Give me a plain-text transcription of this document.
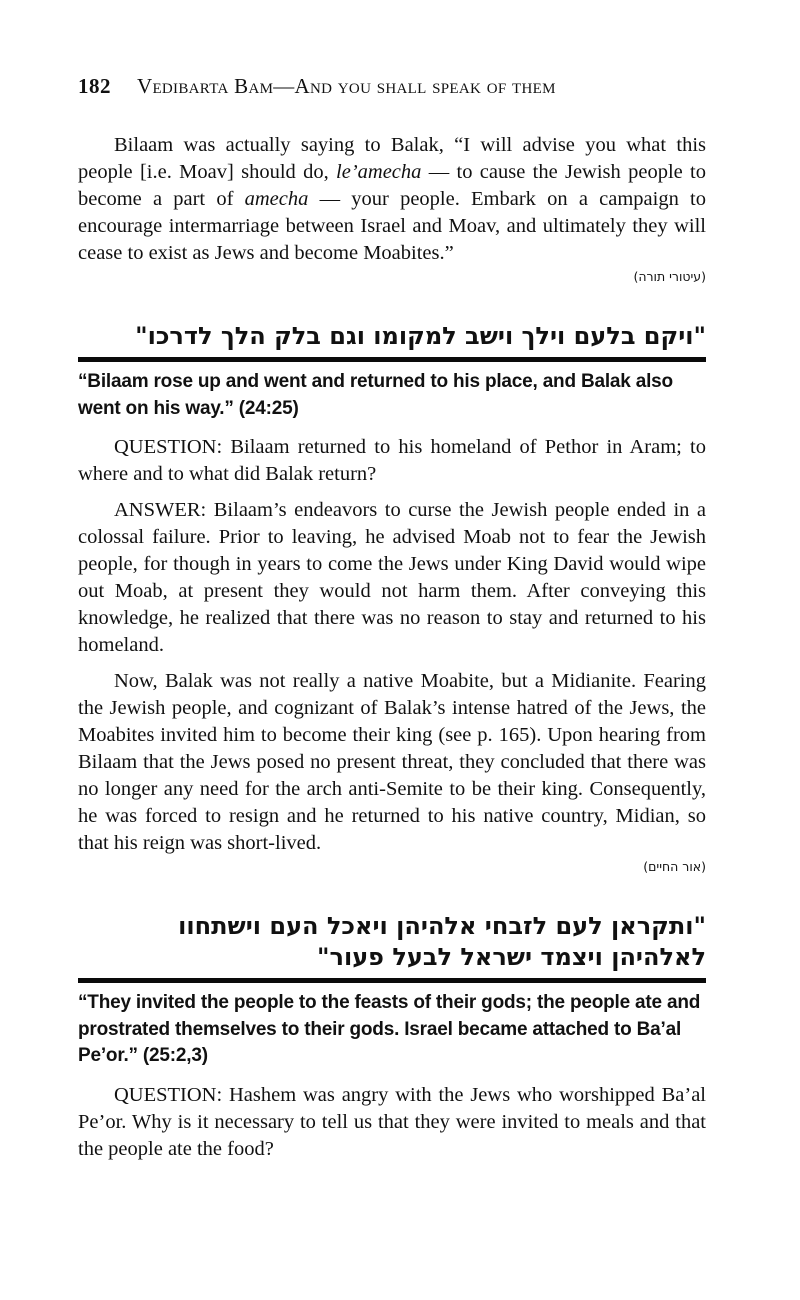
182 Vedibarta Bam—And you shall speak of them

Bilaam was actually saying to Balak, “I will advise you what this people [i.e. Moav] should do, le’amecha — to cause the Jewish people to become a part of amecha — your people. Embark on a campaign to encourage intermarriage between Israel and Moav, and ultimately they will cease to exist as Jews and become Moabites.”

(עיטורי תורה)

"ויקם בלעם וילך וישב למקומו וגם בלק הלך לדרכו"

“Bilaam rose up and went and returned to his place, and Balak also went on his way.” (24:25)

QUESTION: Bilaam returned to his homeland of Pethor in Aram; to where and to what did Balak return?

ANSWER: Bilaam’s endeavors to curse the Jewish people ended in a colossal failure. Prior to leaving, he advised Moab not to fear the Jewish people, for though in years to come the Jews under King David would wipe out Moab, at present they would not harm them. After conveying this knowledge, he realized that there was no reason to stay and returned to his homeland.

Now, Balak was not really a native Moabite, but a Midianite. Fearing the Jewish people, and cognizant of Balak’s intense hatred of the Jews, the Moabites invited him to become their king (see p. 165). Upon hearing from Bilaam that the Jews posed no present threat, they concluded that there was no longer any need for the arch anti-Semite to be their king. Consequently, he was forced to resign and he returned to his native country, Midian, so that his reign was short-lived.

(אור החיים)

"ותקראן לעם לזבחי אלהיהן ויאכל העם וישתחוו לאלהיהן ויצמד ישראל לבעל פעור"

“They invited the people to the feasts of their gods; the people ate and prostrated themselves to their gods. Israel became attached to Ba’al Pe’or.” (25:2,3)

QUESTION: Hashem was angry with the Jews who worshipped Ba’al Pe’or. Why is it necessary to tell us that they were invited to meals and that the people ate the food?
